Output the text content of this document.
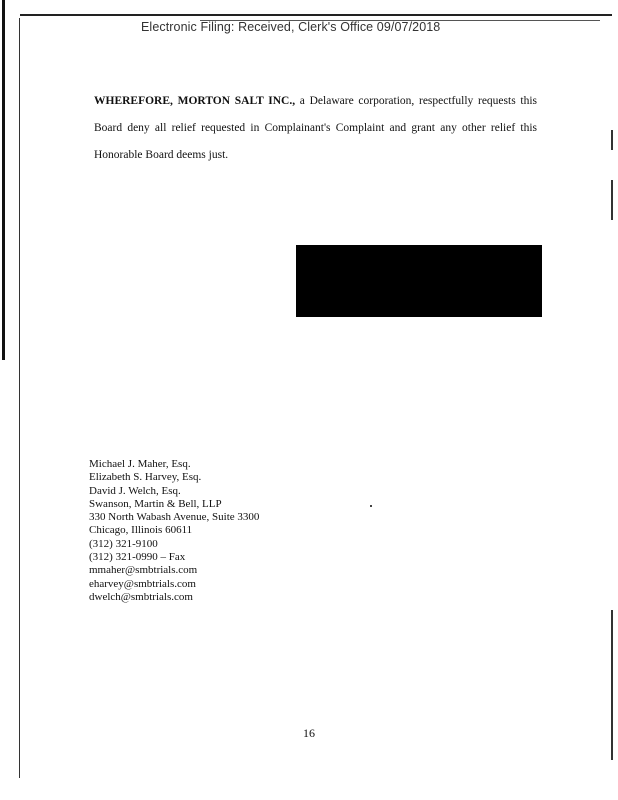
Electronic Filing: Received, Clerk's Office 09/07/2018

WHEREFORE, MORTON SALT INC., a Delaware corporation, respectfully requests this Board deny all relief requested in Complainant's Complaint and grant any other relief this Honorable Board deems just.

Michael J. Maher, Esq.
Elizabeth S. Harvey, Esq.
David J. Welch, Esq.
Swanson, Martin & Bell, LLP
330 North Wabash Avenue, Suite 3300
Chicago, Illinois 60611
(312) 321-9100
(312) 321-0990 – Fax
mmaher@smbtrials.com
eharvey@smbtrials.com
dwelch@smbtrials.com
16
